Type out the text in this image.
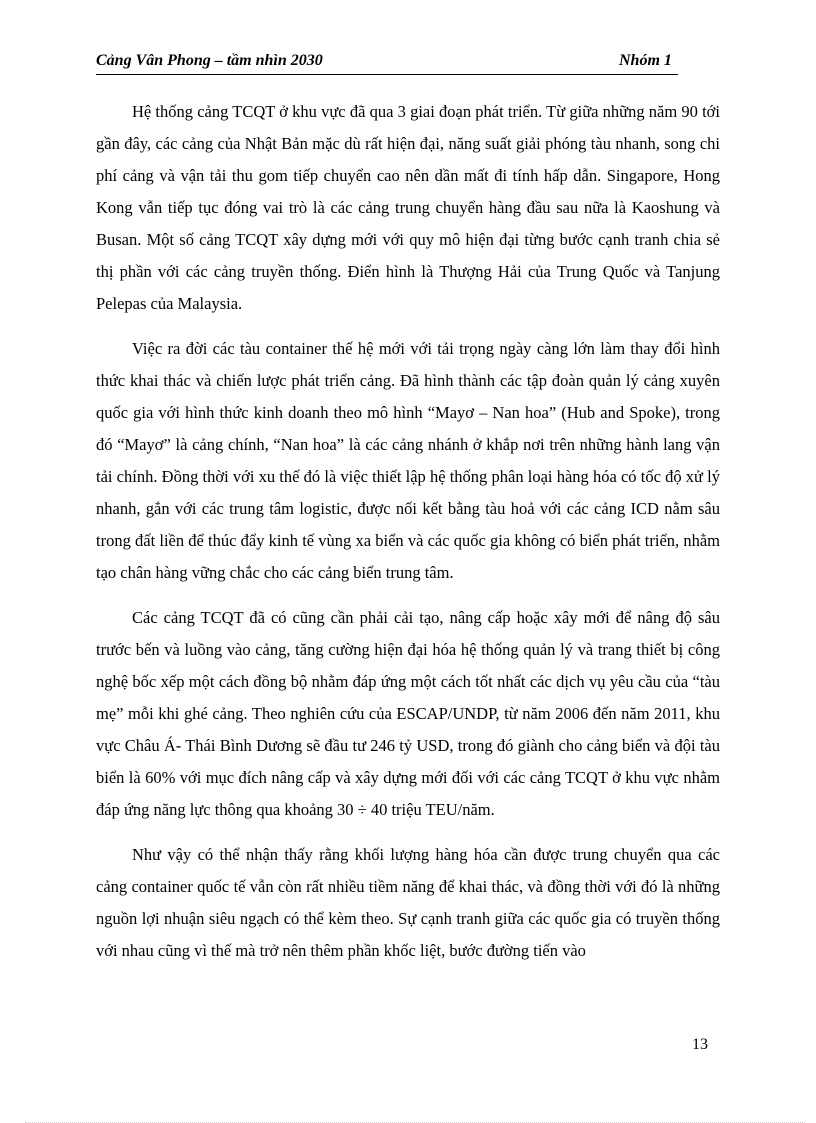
Cảng Vân Phong – tầm nhìn 2030	Nhóm 1

Hệ thống cảng TCQT ở khu vực đã qua 3 giai đoạn phát triển. Từ giữa những năm 90 tới gần đây, các cảng của Nhật Bản mặc dù rất hiện đại, năng suất giải phóng tàu nhanh, song chi phí cảng và vận tải thu gom tiếp chuyển cao nên dần mất đi tính hấp dẫn. Singapore, Hong Kong vẫn tiếp tục đóng vai trò là các cảng trung chuyển hàng đầu sau nữa là Kaoshung và Busan. Một số cảng TCQT xây dựng mới với quy mô hiện đại từng bước cạnh tranh chia sẻ thị phần với các cảng truyền thống. Điển hình là Thượng Hải của Trung Quốc và Tanjung Pelepas của Malaysia.

Việc ra đời các tàu container thế hệ mới với tải trọng ngày càng lớn làm thay đổi hình thức khai thác và chiến lược phát triển cảng. Đã hình thành các tập đoàn quản lý cảng xuyên quốc gia với hình thức kinh doanh theo mô hình “Mayơ – Nan hoa” (Hub and Spoke), trong đó “Mayơ” là cảng chính, “Nan hoa” là các cảng nhánh ở khắp nơi trên những hành lang vận tải chính. Đồng thời với xu thế đó là việc thiết lập hệ thống phân loại hàng hóa có tốc độ xử lý nhanh, gắn với các trung tâm logistic, được nối kết bằng tàu hoả với các cảng ICD nằm sâu trong đất liền để thúc đẩy kinh tế vùng xa biển và các quốc gia không có biển phát triển, nhằm tạo chân hàng vững chắc cho các cảng biển trung tâm.

Các cảng TCQT đã có cũng cần phải cải tạo, nâng cấp hoặc xây mới để nâng độ sâu trước bến và luồng vào cảng, tăng cường hiện đại hóa hệ thống quản lý và trang thiết bị công nghệ bốc xếp một cách đồng bộ nhằm đáp ứng một cách tốt nhất các dịch vụ yêu cầu của “tàu mẹ” mỗi khi ghé cảng. Theo nghiên cứu của ESCAP/UNDP, từ năm 2006 đến năm 2011, khu vực Châu Á- Thái Bình Dương sẽ đầu tư 246 tỷ USD, trong đó giành cho cảng biển và đội tàu biển là 60% với mục đích nâng cấp và xây dựng mới đối với các cảng TCQT ở khu vực nhằm đáp ứng năng lực thông qua khoảng 30 ÷ 40 triệu TEU/năm.

Như vậy có thể nhận thấy rằng khối lượng hàng hóa cần được trung chuyển qua các cảng container quốc tế vẫn còn rất nhiều tiềm năng để khai thác, và đồng thời với đó là những nguồn lợi nhuận siêu ngạch có thể kèm theo. Sự cạnh tranh giữa các quốc gia có truyền thống với nhau cũng vì thế mà trở nên thêm phần khốc liệt, bước đường tiến vào

13
